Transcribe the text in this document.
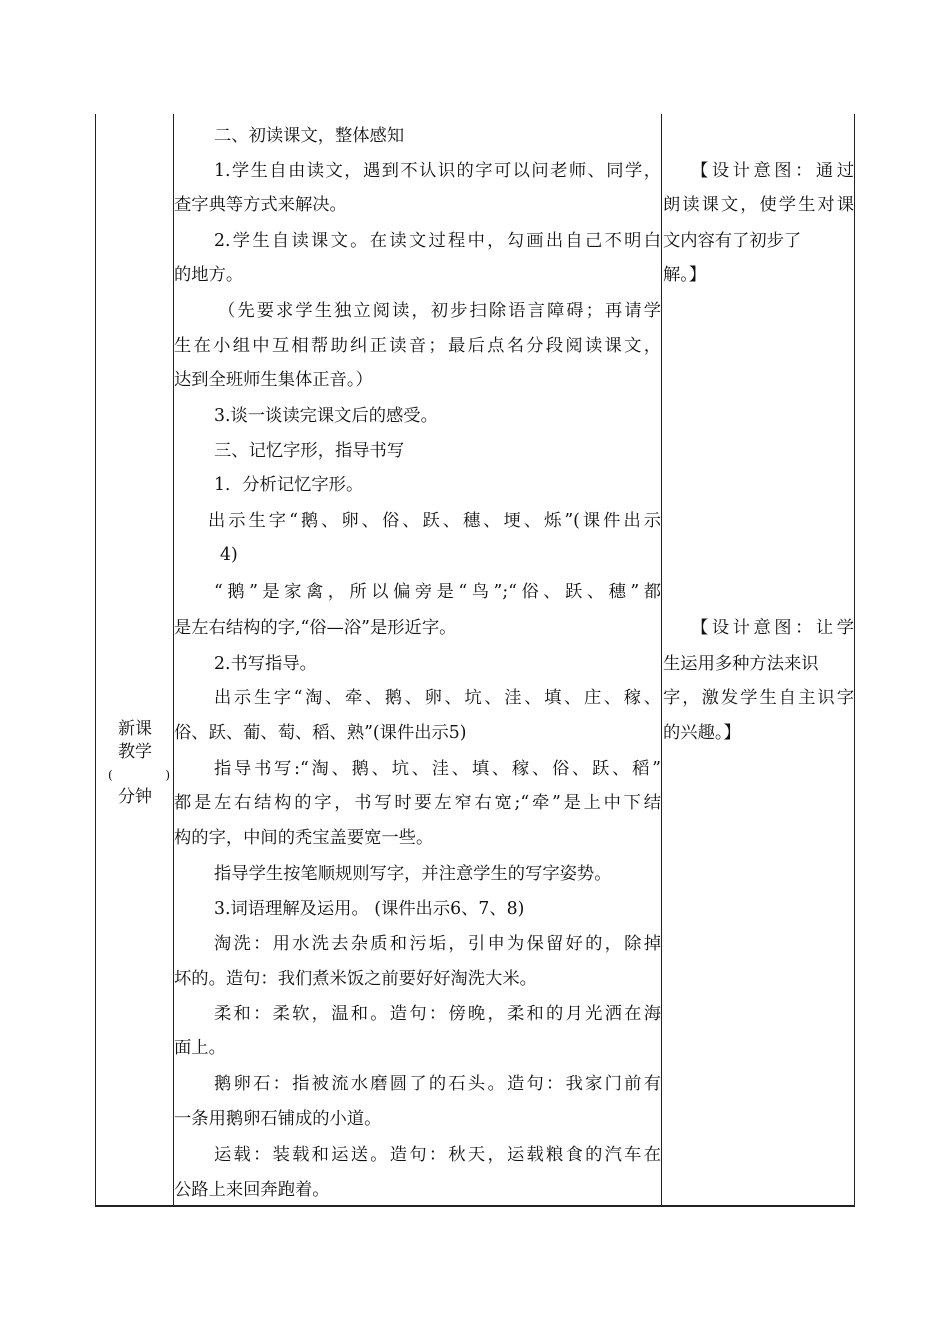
新课
教学
(	)
分钟
二、初读课文，整体感知
1.学生自由读文，遇到不认识的字可以问老师、同学，
查字典等方式来解决。
2.学生自读课文。在读文过程中，勾画出自己不明白
的地方。
（先要求学生独立阅读，初步扫除语言障碍；再请学
生在小组中互相帮助纠正读音；最后点名分段阅读课文，
达到全班师生集体正音。）
3.谈一谈读完课文后的感受。
三、记忆字形，指导书写
1．分析记忆字形。
出示生字“鹅、卵、俗、跃、穗、埂、烁”(课件出示
4)
“鹅”是家禽，所以偏旁是“鸟”;“俗、跃、穗”都
是左右结构的字,“俗—浴”是形近字。
2.书写指导。
出示生字“淘、牵、鹅、卵、坑、洼、填、庄、稼、
俗、跃、葡、萄、稻、熟”(课件出示5)
指导书写:“淘、鹅、坑、洼、填、稼、俗、跃、稻”
都是左右结构的字，书写时要左窄右宽;“牵”是上中下结
构的字，中间的秃宝盖要宽一些。
指导学生按笔顺规则写字，并注意学生的写字姿势。
3.词语理解及运用。 (课件出示6、7、8)
淘洗：用水洗去杂质和污垢，引申为保留好的，除掉
坏的。造句：我们煮米饭之前要好好淘洗大米。
柔和：柔软，温和。造句：傍晚，柔和的月光洒在海
面上。
鹅卵石：指被流水磨圆了的石头。造句：我家门前有
一条用鹅卵石铺成的小道。
运载：装载和运送。造句：秋天，运载粮食的汽车在
公路上来回奔跑着。
【设计意图：通过
朗读课文，使学生对课
文内容有了初步了
解。】
【设计意图：让学
生运用多种方法来识
字，激发学生自主识字
的兴趣。】
